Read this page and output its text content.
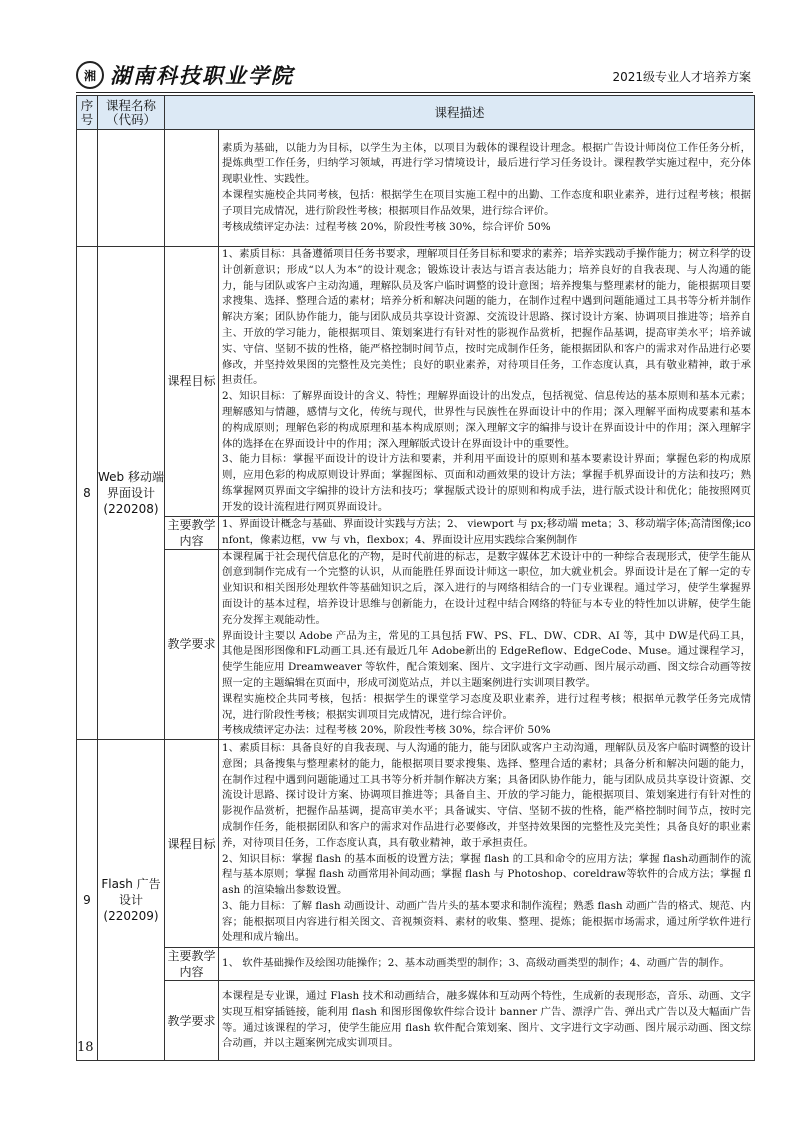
湘 湖南科技职业学院	2021级专业人才培养方案
序号	课程名称（代码）	课程描述	

			素质为基础，以能力为目标，以学生为主体，以项目为载体的课程设计理念。根据广告设计师岗位工作任务分析，提炼典型工作任务，归纳学习领域，再进行学习情境设计，最后进行学习任务设计。课程教学实施过程中，充分体现职业性、实践性。

本课程实施校企共同考核，包括：根据学生在项目实施工程中的出勤、工作态度和职业素养，进行过程考核；根据子项目完成情况，进行阶段性考核；根据项目作品效果，进行综合评价。

考核成绩评定办法：过程考核 20%，阶段性考核 30%，综合评价 50%

8	Web 移动端界面设计(220208)	课程目标	1、素质目标：具备遵循项目任务书要求，理解项目任务目标和要求的素养；培养实践动手操作能力；树立科学的设计创新意识；形成“以人为本”的设计观念；锻炼设计表达与语言表达能力；培养良好的自我表现、与人沟通的能力，能与团队或客户主动沟通，理解队员及客户临时调整的设计意图；培养搜集与整理素材的能力，能根据项目要求搜集、选择、整理合适的素材；培养分析和解决问题的能力，在制作过程中遇到问题能通过工具书等分析并制作解决方案；团队协作能力，能与团队成员共享设计资源、交流设计思路、探讨设计方案、协调项目推进等；培养自主、开放的学习能力，能根据项目、策划案进行有针对性的影视作品赏析，把握作品基调，提高审美水平；培养诚实、守信、坚韧不拔的性格，能严格控制时间节点，按时完成制作任务，能根据团队和客户的需求对作品进行必要修改，并坚持效果图的完整性及完美性；良好的职业素养，对待项目任务，工作态度认真，具有敬业精神，敢于承担责任。

2、知识目标：了解界面设计的含义、特性；理解界面设计的出发点，包括视觉、信息传达的基本原则和基本元素；理解感知与情趣，感情与文化，传统与现代，世界性与民族性在界面设计中的作用；深入理解平面构成要素和基本的构成原则；理解色彩的构成原理和基本构成原则；深入理解文字的编排与设计在界面设计中的作用；深入理解字体的选择在在界面设计中的作用；深入理解版式设计在界面设计中的重要性。

3、能力目标：掌握平面设计的设计方法和要素，并利用平面设计的原则和基本要素设计界面；掌握色彩的构成原则，应用色彩的构成原则设计界面；掌握图标、页面和动画效果的设计方法；掌握手机界面设计的方法和技巧；熟练掌握网页界面文字编排的设计方法和技巧；掌握版式设计的原则和构成手法，进行版式设计和优化；能按照网页开发的设计流程进行网页界面设计。

		主要教学内容	1、界面设计概念与基础、界面设计实践与方法；2、 viewport 与 px;移动端 meta；3、移动端字体;高清图像;iconfont，像素边框，vw 与 vh，flexbox；4、界面设计应用实践综合案例制作
		教学要求	本课程属于社会现代信息化的产物，是时代前进的标志，是数字媒体艺术设计中的一种综合表现形式，使学生能从创意到制作完成有一个完整的认识，从而能胜任界面设计师这一职位，加大就业机会。界面设计是在了解一定的专业知识和相关图形处理软件等基础知识之后，深入进行的与网络相结合的一门专业课程。通过学习，使学生掌握界面设计的基本过程，培养设计思维与创新能力，在设计过程中结合网络的特征与本专业的特性加以讲解，使学生能充分发挥主观能动性。

界面设计主要以 Adobe 产品为主，常见的工具包括 FW、PS、FL、DW、CDR、AI 等，其中 DW是代码工具，其他是图形图像和FL动画工具.还有最近几年 Adobe新出的 EdgeReflow、EdgeCode、Muse。通过课程学习，使学生能应用 Dreamweaver 等软件，配合策划案、图片、文字进行文字动画、图片展示动画、图文综合动画等按照一定的主题编辑在页面中，形成可浏览站点，并以主题案例进行实训项目教学。

课程实施校企共同考核，包括：根据学生的课堂学习态度及职业素养，进行过程考核；根据单元教学任务完成情况，进行阶段性考核；根据实训项目完成情况，进行综合评价。

考核成绩评定办法：过程考核 20%，阶段性考核 30%，综合评价 50%

9	Flash 广告设计(220209)	课程目标	1、素质目标：具备良好的自我表现、与人沟通的能力，能与团队或客户主动沟通，理解队员及客户临时调整的设计意图；具备搜集与整理素材的能力，能根据项目要求搜集、选择、整理合适的素材；具备分析和解决问题的能力，在制作过程中遇到问题能通过工具书等分析并制作解决方案；具备团队协作能力，能与团队成员共享设计资源、交流设计思路、探讨设计方案、协调项目推进等；具备自主、开放的学习能力，能根据项目、策划案进行有针对性的影视作品赏析，把握作品基调，提高审美水平；具备诚实、守信、坚韧不拔的性格，能严格控制时间节点，按时完成制作任务，能根据团队和客户的需求对作品进行必要修改，并坚持效果图的完整性及完美性；具备良好的职业素养，对待项目任务，工作态度认真，具有敬业精神，敢于承担责任。

2、知识目标：掌握 flash 的基本面板的设置方法；掌握 flash 的工具和命令的应用方法；掌握 flash动画制作的流程与基本原则；掌握 flash 动画常用补间动画；掌握 flash 与 Photoshop、coreldraw等软件的合成方法；掌握 flash 的渲染输出参数设置。

3、能力目标：了解 flash 动画设计、动画广告片头的基本要求和制作流程；熟悉 flash 动画广告的格式、规范、内容；能根据项目内容进行相关图文、音视频资料、素材的收集、整理、提炼；能根据市场需求，通过所学软件进行处理和成片输出。

		主要教学内容	1、 软件基础操作及绘图功能操作；2、基本动画类型的制作；3、高级动画类型的制作；4、动画广告的制作。
		教学要求	本课程是专业课，通过 Flash 技术和动画结合，融多媒体和互动两个特性，生成新的表现形态，音乐、动画、文字实现互相穿插链接，能利用 flash 和图形图像软件综合设计 banner 广告、漂浮广告、弹出式广告以及大幅面广告等。通过该课程的学习，使学生能应用 flash 软件配合策划案、图片、文字进行文字动画、图片展示动画、图文综合动画，并以主题案例完成实训项目。

18
